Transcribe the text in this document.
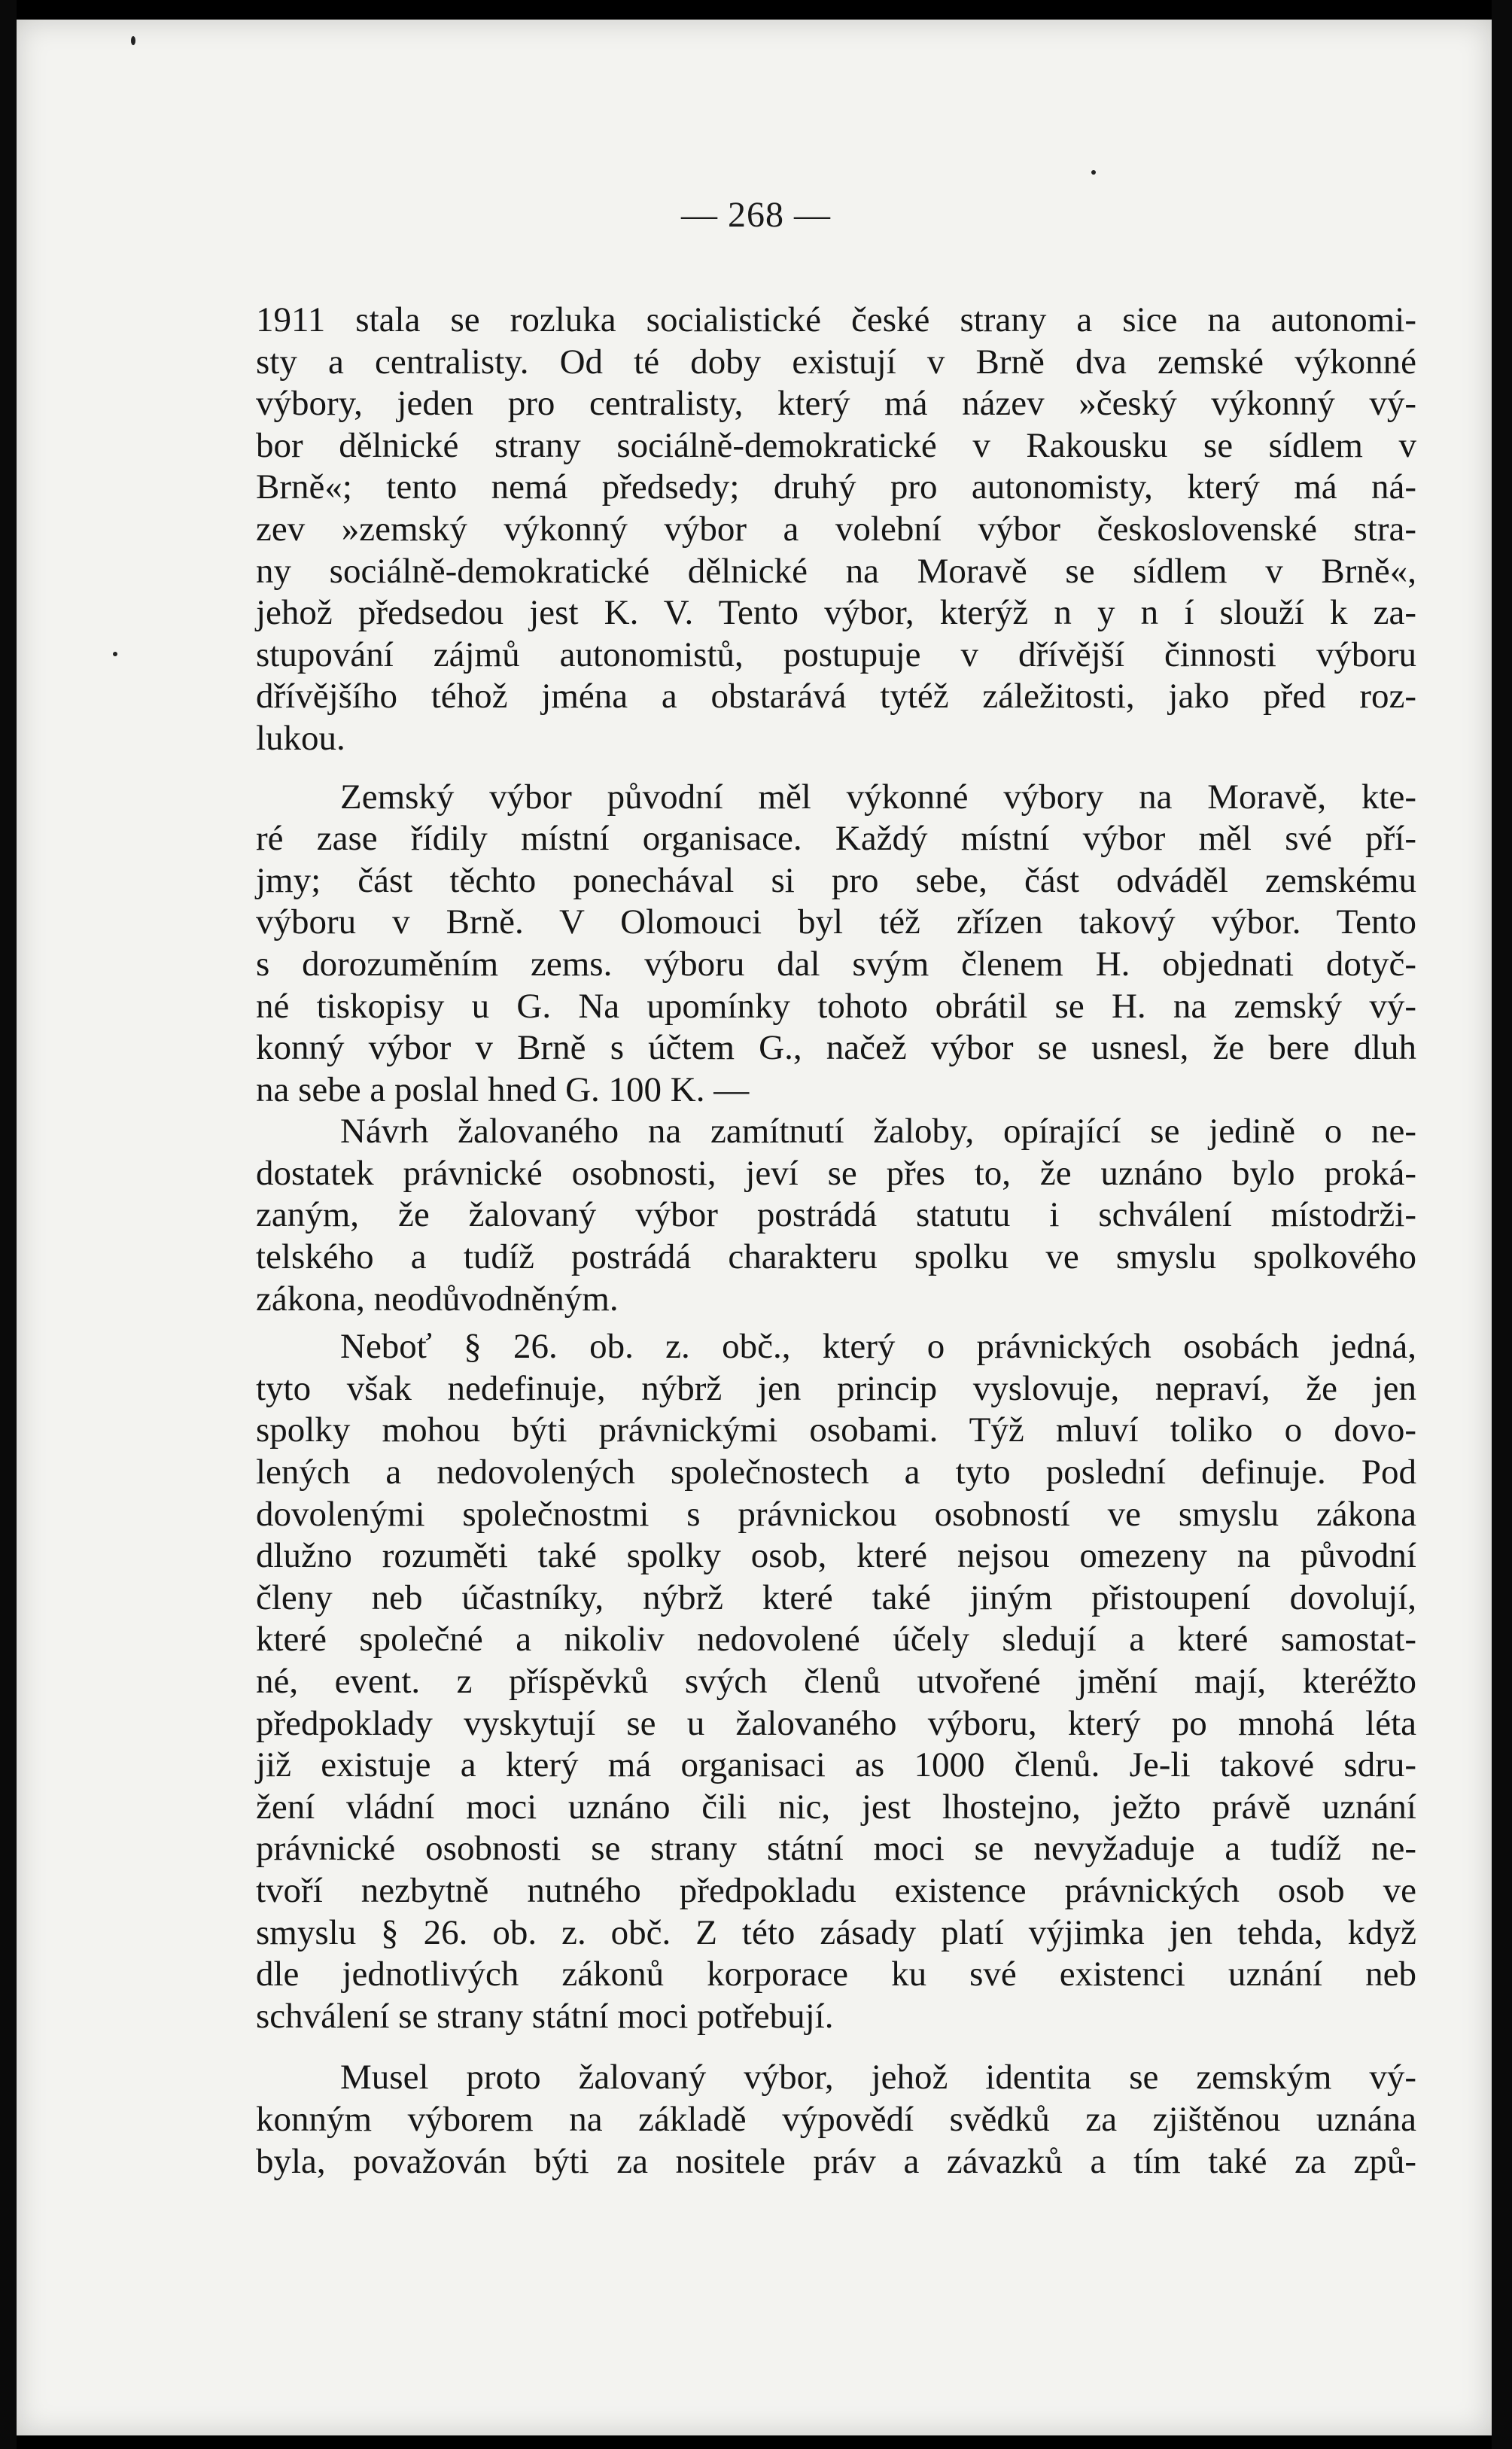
— 268 —
1911 stala se rozluka socialistické české strany a sice na autonomi-
sty a centralisty. Od té doby existují v Brně dva zemské výkonné
výbory, jeden pro centralisty, který má název »český výkonný vý-
bor dělnické strany sociálně-demokratické v Rakousku se sídlem v
Brně«; tento nemá předsedy; druhý pro autonomisty, který má ná-
zev »zemský výkonný výbor a volební výbor československé stra-
ny sociálně-demokratické dělnické na Moravě se sídlem v Brně«,
jehož předsedou jest K. V. Tento výbor, kterýž n y n í slouží k za-
stupování zájmů autonomistů, postupuje v dřívější činnosti výboru
dřívějšího téhož jména a obstarává tytéž záležitosti, jako před roz-
lukou.
Zemský výbor původní měl výkonné výbory na Moravě, kte-
ré zase řídily místní organisace. Každý místní výbor měl své pří-
jmy; část těchto ponechával si pro sebe, část odváděl zemskému
výboru v Brně. V Olomouci byl též zřízen takový výbor. Tento
s dorozuměním zems. výboru dal svým členem H. objednati dotyč-
né tiskopisy u G. Na upomínky tohoto obrátil se H. na zemský vý-
konný výbor v Brně s účtem G., načež výbor se usnesl, že bere dluh
na sebe a poslal hned G. 100 K. —
Návrh žalovaného na zamítnutí žaloby, opírající se jedině o ne-
dostatek právnické osobnosti, jeví se přes to, že uznáno bylo proká-
zaným, že žalovaný výbor postrádá statutu i schválení místodrži-
telského a tudíž postrádá charakteru spolku ve smyslu spolkového
zákona, neodůvodněným.
Neboť § 26. ob. z. obč., který o právnických osobách jedná,
tyto však nedefinuje, nýbrž jen princip vyslovuje, nepraví, že jen
spolky mohou býti právnickými osobami. Týž mluví toliko o dovo-
lených a nedovolených společnostech a tyto poslední definuje. Pod
dovolenými společnostmi s právnickou osobností ve smyslu zákona
dlužno rozuměti také spolky osob, které nejsou omezeny na původní
členy neb účastníky, nýbrž které také jiným přistoupení dovolují,
které společné a nikoliv nedovolené účely sledují a které samostat-
né, event. z příspěvků svých členů utvořené jmění mají, kteréžto
předpoklady vyskytují se u žalovaného výboru, který po mnohá léta
již existuje a který má organisaci as 1000 členů. Je-li takové sdru-
žení vládní moci uznáno čili nic, jest lhostejno, ježto právě uznání
právnické osobnosti se strany státní moci se nevyžaduje a tudíž ne-
tvoří nezbytně nutného předpokladu existence právnických osob ve
smyslu § 26. ob. z. obč. Z této zásady platí výjimka jen tehda, když
dle jednotlivých zákonů korporace ku své existenci uznání neb
schválení se strany státní moci potřebují.
Musel proto žalovaný výbor, jehož identita se zemským vý-
konným výborem na základě výpovědí svědků za zjištěnou uznána
byla, považován býti za nositele práv a závazků a tím také za způ-
